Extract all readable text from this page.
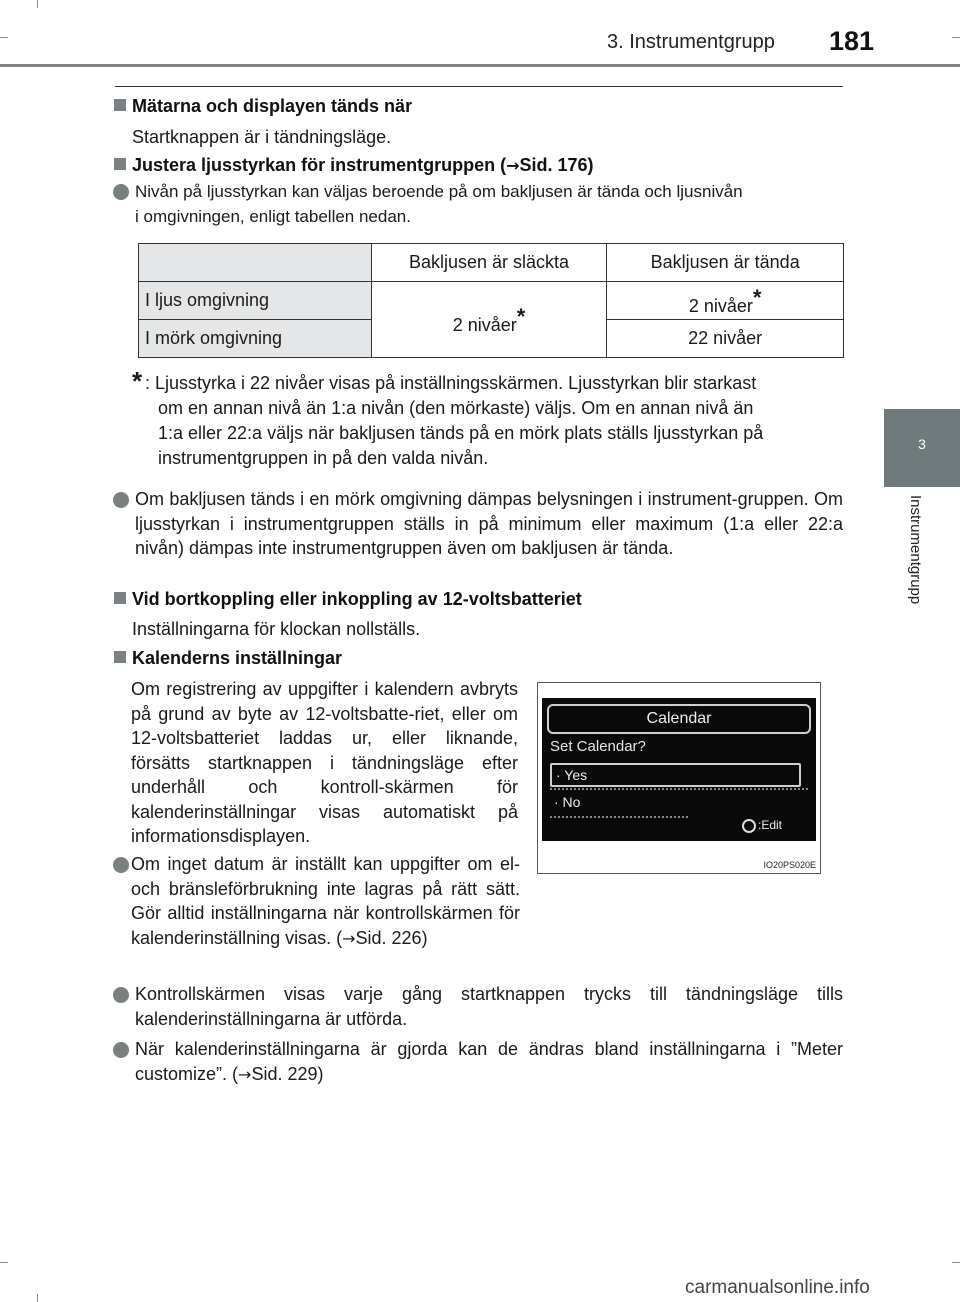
3. Instrumentgrupp 181
3
Instrumentgrupp
Mätarna och displayen tänds när
Startknappen är i tändningsläge.
Justera ljusstyrkan för instrumentgruppen (→Sid. 176)
Nivån på ljusstyrkan kan väljas beroende på om bakljusen är tända och ljusnivån
i omgivningen, enligt tabellen nedan.
	Bakljusen är släckta	Bakljusen är tända
I ljus omgivning	2 nivåer*	2 nivåer*
I mörk omgivning		22 nivåer
* : Ljusstyrka i 22 nivåer visas på inställningsskärmen. Ljusstyrkan blir starkast
om en annan nivå än 1:a nivån (den mörkaste) väljs. Om en annan nivå än
1:a eller 22:a väljs när bakljusen tänds på en mörk plats ställs ljusstyrkan på
instrumentgruppen in på den valda nivån.
Om bakljusen tänds i en mörk omgivning dämpas belysningen i instrument-gruppen. Om ljusstyrkan i instrumentgruppen ställs in på minimum eller maximum (1:a eller 22:a nivån) dämpas inte instrumentgruppen även om bakljusen är tända.
Vid bortkoppling eller inkoppling av 12-voltsbatteriet
Inställningarna för klockan nollställs.
Kalenderns inställningar
Om registrering av uppgifter i kalendern avbryts på grund av byte av 12-voltsbatte-riet, eller om 12-voltsbatteriet laddas ur, eller liknande, försätts startknappen i tändningsläge efter underhåll och kontroll-skärmen för kalenderinställningar visas automatiskt på informationsdisplayen.
Om inget datum är inställt kan uppgifter om el- och bränsleförbrukning inte lagras på rätt sätt. Gör alltid inställningarna när kontrollskärmen för kalenderinställning visas. (→Sid. 226)
Calendar
Set Calendar?
· Yes
· No
:Edit
IO20PS020E
Kontrollskärmen visas varje gång startknappen trycks till tändningsläge tills kalenderinställningarna är utförda.
När kalenderinställningarna är gjorda kan de ändras bland inställningarna i ”Meter customize”. (→Sid. 229)
carmanualsonline.info
